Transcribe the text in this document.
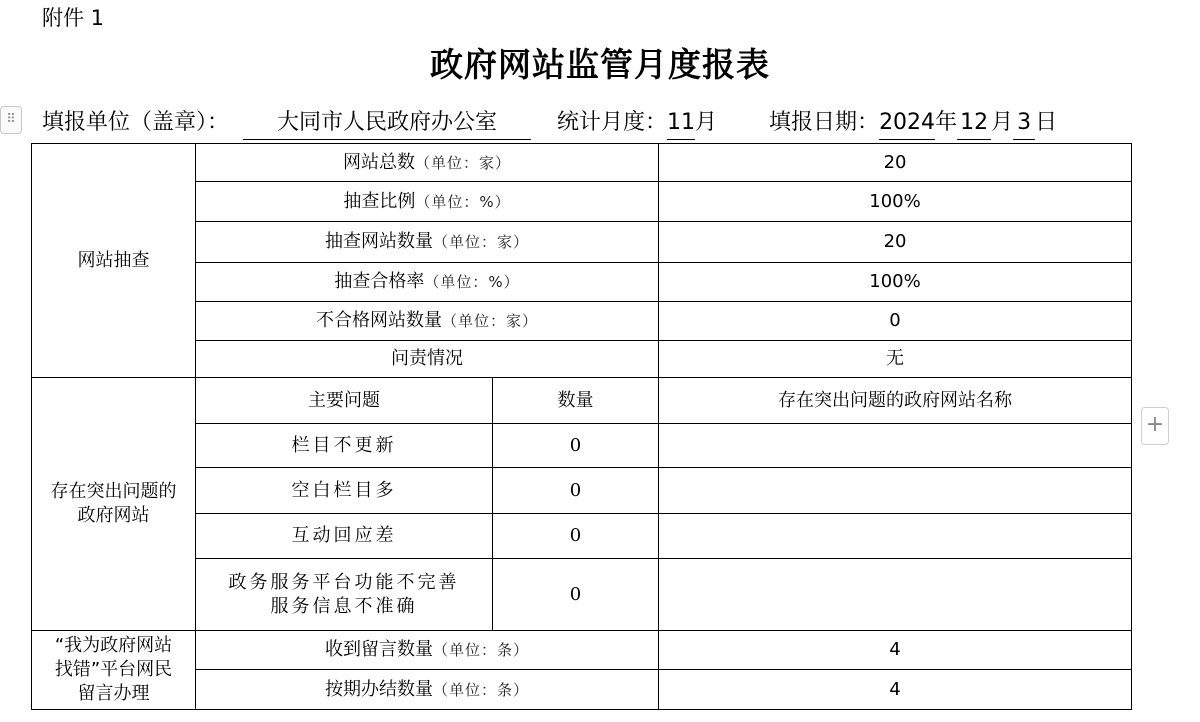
附件 1
政府网站监管月度报表
⠿ 填报单位（盖章）： 大同市人民政府办公室	统计月度：11月 填报日期：2024年 12 月 3 日
网站抽查	网站总数（单位：家）		20
	抽查比例（单位：%）		100%
	抽查网站数量（单位：家）		20
	抽查合格率（单位：%）		100%
	不合格网站数量（单位：家）		0
	问责情况		无

存在突出问题的
政府网站	主要问题	数量	存在突出问题的政府网站名称
	栏目不更新	0	
	空白栏目多	0	
	互动回应差	0	

	政务服务平台功能不完善
服务信息不准确	0	

“我为政府网站
找错”平台网民
留言办理	收到留言数量（单位：条）		4
	按期办结数量（单位：条）		4
+
